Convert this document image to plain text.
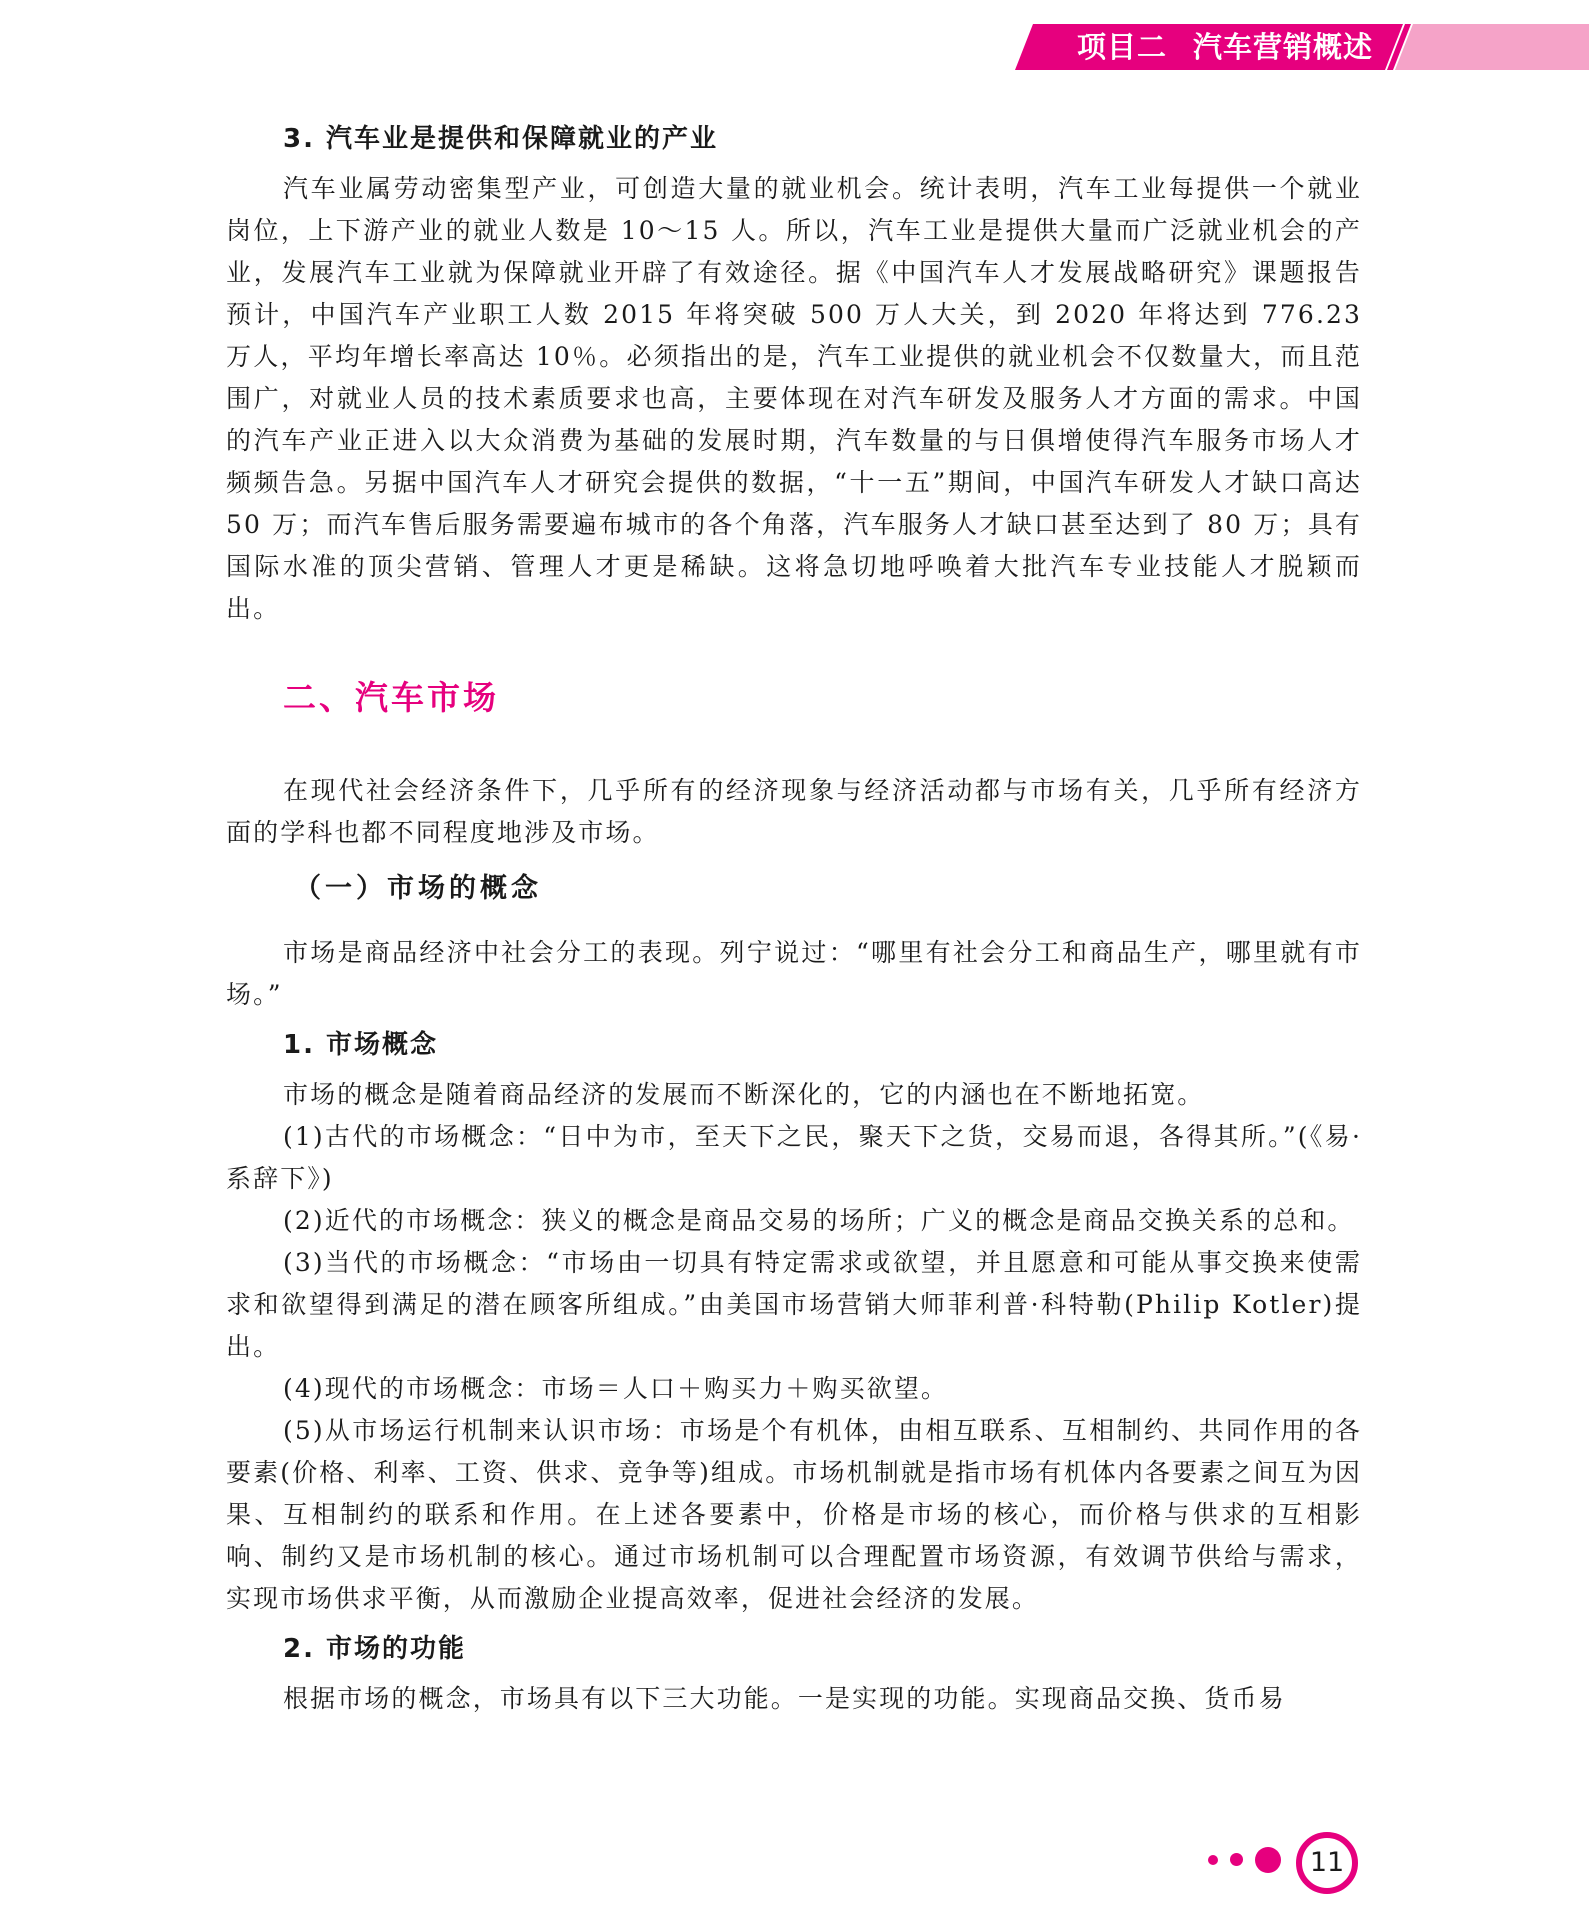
项目二 汽车营销概述

3. 汽车业是提供和保障就业的产业

汽车业属劳动密集型产业，可创造大量的就业机会。统计表明，汽车工业每提供一个就业岗位，上下游产业的就业人数是 10～15 人。所以，汽车工业是提供大量而广泛就业机会的产业，发展汽车工业就为保障就业开辟了有效途径。据《中国汽车人才发展战略研究》课题报告预计，中国汽车产业职工人数 2015 年将突破 500 万人大关，到 2020 年将达到 776.23 万人，平均年增长率高达 10％。必须指出的是，汽车工业提供的就业机会不仅数量大，而且范围广，对就业人员的技术素质要求也高，主要体现在对汽车研发及服务人才方面的需求。中国的汽车产业正进入以大众消费为基础的发展时期，汽车数量的与日俱增使得汽车服务市场人才频频告急。另据中国汽车人才研究会提供的数据，“十一五”期间，中国汽车研发人才缺口高达 50 万；而汽车售后服务需要遍布城市的各个角落，汽车服务人才缺口甚至达到了 80 万；具有国际水准的顶尖营销、管理人才更是稀缺。这将急切地呼唤着大批汽车专业技能人才脱颖而出。

二、汽车市场

在现代社会经济条件下，几乎所有的经济现象与经济活动都与市场有关，几乎所有经济方面的学科也都不同程度地涉及市场。

（一）市场的概念

市场是商品经济中社会分工的表现。列宁说过：“哪里有社会分工和商品生产，哪里就有市场。”

1. 市场概念

市场的概念是随着商品经济的发展而不断深化的，它的内涵也在不断地拓宽。

(1)古代的市场概念：“日中为市，至天下之民，聚天下之货，交易而退，各得其所。”(《易·系辞下》)

(2)近代的市场概念：狭义的概念是商品交易的场所；广义的概念是商品交换关系的总和。

(3)当代的市场概念：“市场由一切具有特定需求或欲望，并且愿意和可能从事交换来使需求和欲望得到满足的潜在顾客所组成。”由美国市场营销大师菲利普·科特勒(Philip Kotler)提出。

(4)现代的市场概念：市场＝人口＋购买力＋购买欲望。

(5)从市场运行机制来认识市场：市场是个有机体，由相互联系、互相制约、共同作用的各要素(价格、利率、工资、供求、竞争等)组成。市场机制就是指市场有机体内各要素之间互为因果、互相制约的联系和作用。在上述各要素中，价格是市场的核心，而价格与供求的互相影响、制约又是市场机制的核心。通过市场机制可以合理配置市场资源，有效调节供给与需求，实现市场供求平衡，从而激励企业提高效率，促进社会经济的发展。

2. 市场的功能

根据市场的概念，市场具有以下三大功能。一是实现的功能。实现商品交换、货币易

11
